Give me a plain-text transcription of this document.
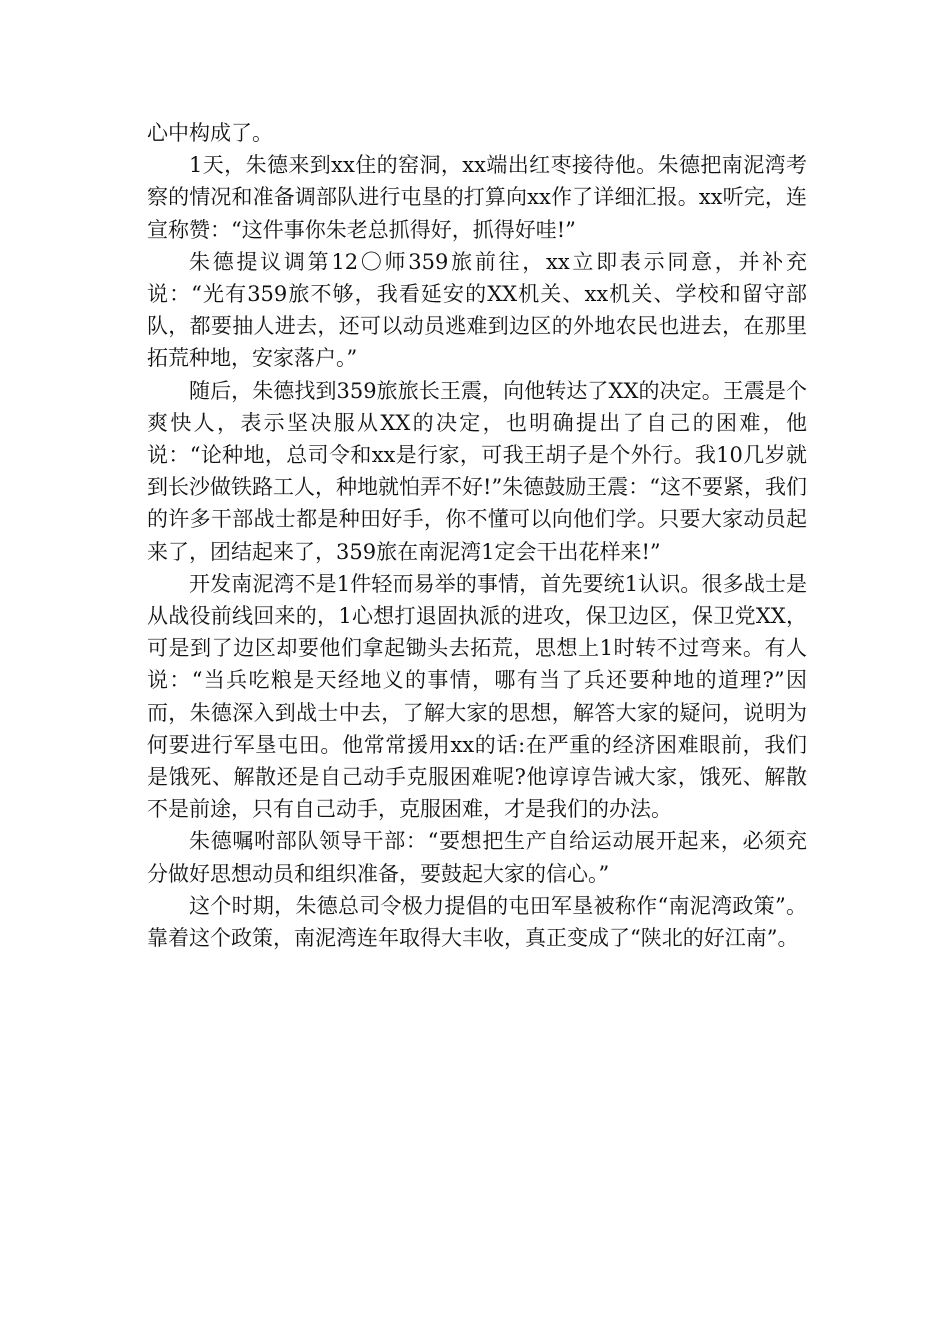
心中构成了。

1天，朱德来到xx住的窑洞，xx端出红枣接待他。朱德把南泥湾考察的情况和准备调部队进行屯垦的打算向xx作了详细汇报。xx听完，连宣称赞：“这件事你朱老总抓得好，抓得好哇!”

朱德提议调第12〇师359旅前往，xx立即表示同意，并补充说：“光有359旅不够，我看延安的XX机关、xx机关、学校和留守部队，都要抽人进去，还可以动员逃难到边区的外地农民也进去，在那里拓荒种地，安家落户。”

随后，朱德找到359旅旅长王震，向他转达了XX的决定。王震是个爽快人，表示坚决服从XX的决定，也明确提出了自己的困难，他说：“论种地，总司令和xx是行家，可我王胡子是个外行。我10几岁就到长沙做铁路工人，种地就怕弄不好!”朱德鼓励王震：“这不要紧，我们的许多干部战士都是种田好手，你不懂可以向他们学。只要大家动员起来了，团结起来了，359旅在南泥湾1定会干出花样来!”

开发南泥湾不是1件轻而易举的事情，首先要统1认识。很多战士是从战役前线回来的，1心想打退固执派的进攻，保卫边区，保卫党XX，可是到了边区却要他们拿起锄头去拓荒，思想上1时转不过弯来。有人说：“当兵吃粮是天经地义的事情，哪有当了兵还要种地的道理?”因而，朱德深入到战士中去，了解大家的思想，解答大家的疑问，说明为何要进行军垦屯田。他常常援用xx的话:在严重的经济困难眼前，我们是饿死、解散还是自己动手克服困难呢?他谆谆告诫大家，饿死、解散不是前途，只有自己动手，克服困难，才是我们的办法。

朱德嘱咐部队领导干部：“要想把生产自给运动展开起来，必须充分做好思想动员和组织准备，要鼓起大家的信心。”

这个时期，朱德总司令极力提倡的屯田军垦被称作“南泥湾政策”。靠着这个政策，南泥湾连年取得大丰收，真正变成了“陕北的好江南”。
